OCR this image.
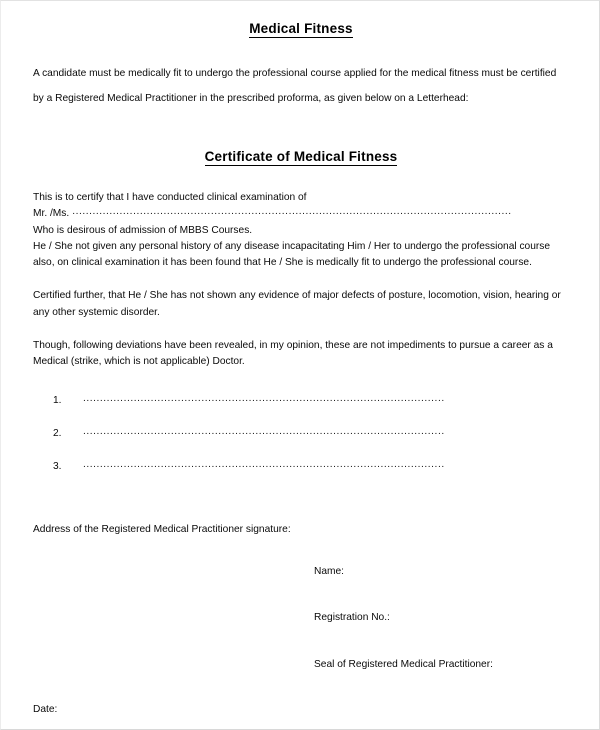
Medical Fitness

A candidate must be medically fit to undergo the professional course applied for the medical fitness must be certified by a Registered Medical Practitioner in the prescribed proforma, as given below on a Letterhead:

Certificate of Medical Fitness

This is to certify that I have conducted clinical examination of

Mr. /Ms. ..................................................................................................................................

Who is desirous of admission of MBBS Courses.

He / She not given any personal history of any disease incapacitating Him / Her to undergo the professional course also, on clinical examination it has been found that He / She is medically fit to undergo the professional course.

Certified further, that He / She has not shown any evidence of major defects of posture, locomotion, vision, hearing or any other systemic disorder.

Though, following deviations have been revealed, in my opinion, these are not impediments to pursue a career as a Medical (strike, which is not applicable) Doctor.

1.	...........................................................................................................
2.	...........................................................................................................
3.	...........................................................................................................

Address of the Registered Medical Practitioner signature:

Name:

Registration No.:

Seal of Registered Medical Practitioner:

Date:
